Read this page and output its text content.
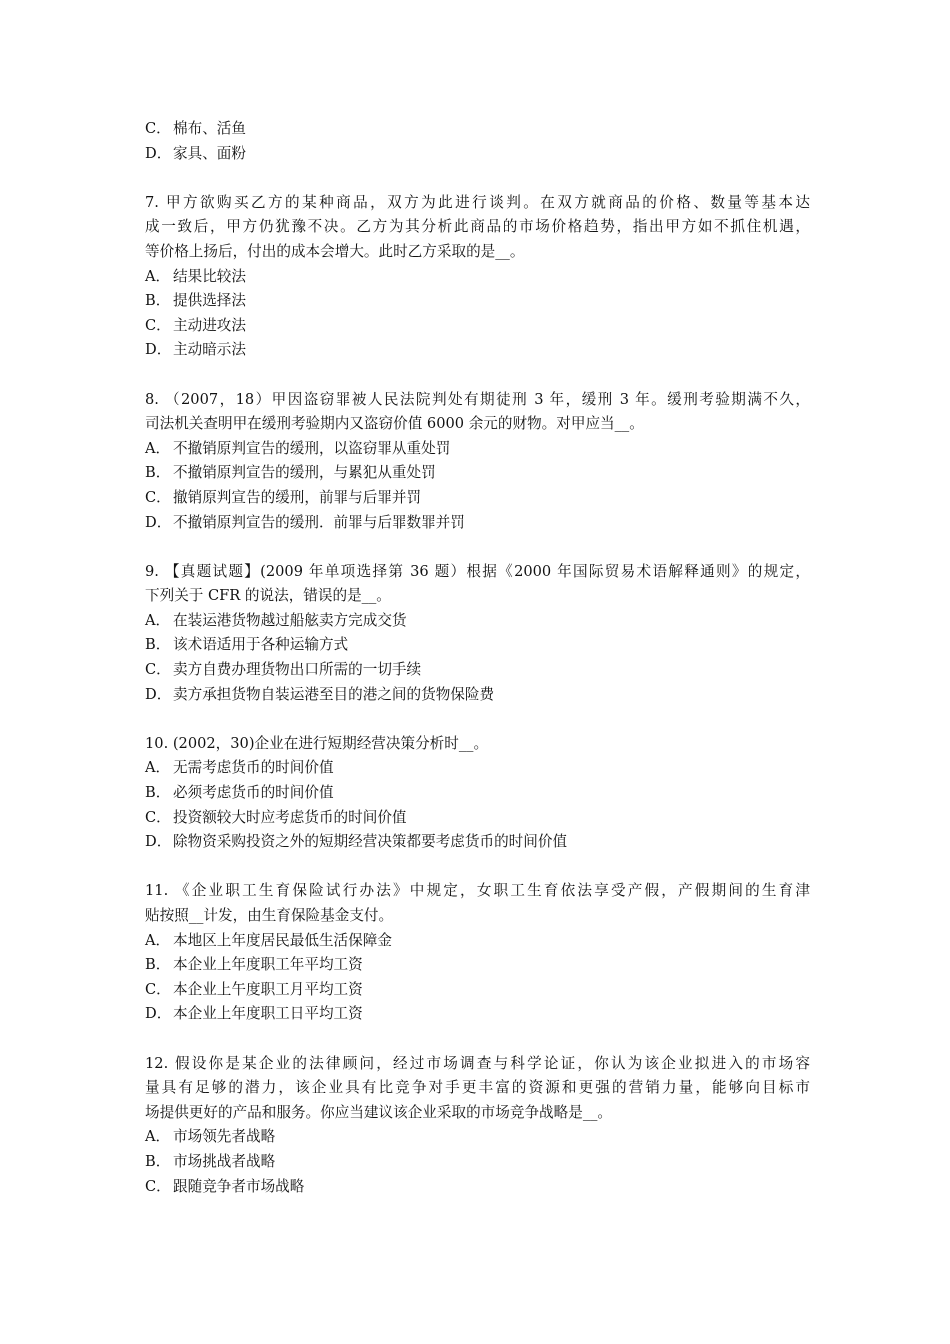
C． 棉布、活鱼
D． 家具、面粉
7. 甲方欲购买乙方的某种商品，双方为此进行谈判。在双方就商品的价格、数量等基本达
成一致后，甲方仍犹豫不决。乙方为其分析此商品的市场价格趋势，指出甲方如不抓住机遇，
等价格上扬后，付出的成本会增大。此时乙方采取的是__。
A． 结果比较法
B． 提供选择法
C． 主动进攻法
D． 主动暗示法
8. （2007，18）甲因盗窃罪被人民法院判处有期徒刑 3 年，缓刑 3 年。缓刑考验期满不久，
司法机关查明甲在缓刑考验期内又盗窃价值 6000 余元的财物。对甲应当__。
A． 不撤销原判宣告的缓刑，以盗窃罪从重处罚
B． 不撤销原判宣告的缓刑，与累犯从重处罚
C． 撤销原判宣告的缓刑，前罪与后罪并罚
D． 不撤销原判宣告的缓刑．前罪与后罪数罪并罚
9. 【真题试题】(2009 年单项选择第 36 题）根据《2000 年国际贸易术语解释通则》的规定，
下列关于 CFR 的说法，错误的是__。
A． 在装运港货物越过船舷卖方完成交货
B． 该术语适用于各种运输方式
C． 卖方自费办理货物出口所需的一切手续
D． 卖方承担货物自装运港至目的港之间的货物保险费
10. (2002，30)企业在进行短期经营决策分析时__。
A． 无需考虑货币的时间价值
B． 必须考虑货币的时间价值
C． 投资额较大时应考虑货币的时间价值
D． 除物资采购投资之外的短期经营决策都要考虑货币的时间价值
11. 《企业职工生育保险试行办法》中规定，女职工生育依法享受产假，产假期间的生育津
贴按照__计发，由生育保险基金支付。
A． 本地区上年度居民最低生活保障金
B． 本企业上年度职工年平均工资
C． 本企业上午度职工月平均工资
D． 本企业上年度职工日平均工资
12. 假设你是某企业的法律顾问，经过市场调查与科学论证，你认为该企业拟进入的市场容
量具有足够的潜力，该企业具有比竞争对手更丰富的资源和更强的营销力量，能够向目标市
场提供更好的产品和服务。你应当建议该企业采取的市场竞争战略是__。
A． 市场领先者战略
B． 市场挑战者战略
C． 跟随竞争者市场战略
